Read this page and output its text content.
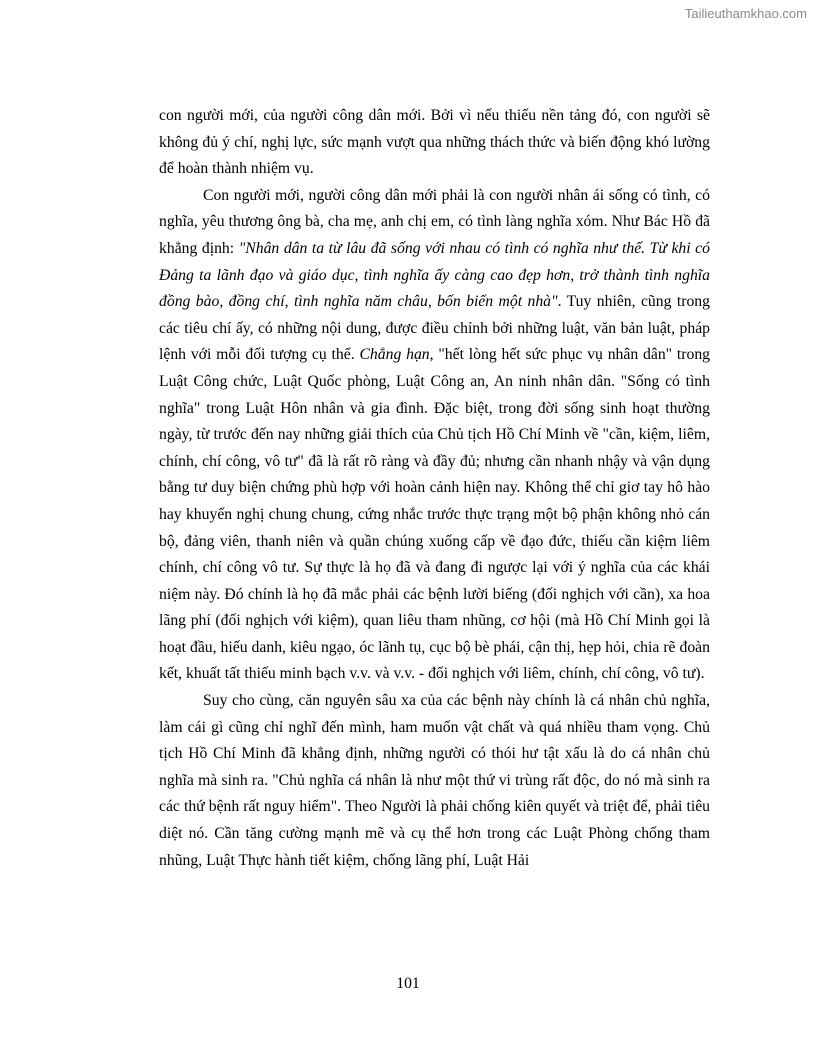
Tailieuthamkhao.com

con người mới, của người công dân mới. Bởi vì nếu thiếu nền tảng đó, con người sẽ không đủ ý chí, nghị lực, sức mạnh vượt qua những thách thức và biến động khó lường để hoàn thành nhiệm vụ.

Con người mới, người công dân mới phải là con người nhân ái sống có tình, có nghĩa, yêu thương ông bà, cha mẹ, anh chị em, có tình làng nghĩa xóm. Như Bác Hồ đã khẳng định: "Nhân dân ta từ lâu đã sống với nhau có tình có nghĩa như thế. Từ khi có Đảng ta lãnh đạo và giáo dục, tình nghĩa ấy càng cao đẹp hơn, trở thành tình nghĩa đồng bào, đồng chí, tình nghĩa năm châu, bốn biển một nhà". Tuy nhiên, cũng trong các tiêu chí ấy, có những nội dung, được điều chỉnh bởi những luật, văn bản luật, pháp lệnh với mỗi đối tượng cụ thể. Chẳng hạn, "hết lòng hết sức phục vụ nhân dân" trong Luật Công chức, Luật Quốc phòng, Luật Công an, An ninh nhân dân. "Sống có tình nghĩa" trong Luật Hôn nhân và gia đình. Đặc biệt, trong đời sống sinh hoạt thường ngày, từ trước đến nay những giải thích của Chủ tịch Hồ Chí Minh về "cần, kiệm, liêm, chính, chí công, vô tư" đã là rất rõ ràng và đầy đủ; nhưng cần nhanh nhậy và vận dụng bằng tư duy biện chứng phù hợp với hoàn cảnh hiện nay. Không thể chỉ giơ tay hô hào hay khuyến nghị chung chung, cứng nhắc trước thực trạng một bộ phận không nhỏ cán bộ, đảng viên, thanh niên và quần chúng xuống cấp về đạo đức, thiếu cần kiệm liêm chính, chí công vô tư. Sự thực là họ đã và đang đi ngược lại với ý nghĩa của các khái niệm này. Đó chính là họ đã mắc phải các bệnh lười biếng (đối nghịch với cần), xa hoa lãng phí (đối nghịch với kiệm), quan liêu tham nhũng, cơ hội (mà Hồ Chí Minh gọi là hoạt đầu, hiếu danh, kiêu ngạo, óc lãnh tụ, cục bộ bè phái, cận thị, hẹp hỏi, chia rẽ đoàn kết, khuất tất thiếu minh bạch v.v. và v.v. - đối nghịch với liêm, chính, chí công, vô tư).

Suy cho cùng, căn nguyên sâu xa của các bệnh này chính là cá nhân chủ nghĩa, làm cái gì cũng chỉ nghĩ đến mình, ham muốn vật chất và quá nhiều tham vọng. Chủ tịch Hồ Chí Minh đã khẳng định, những người có thói hư tật xấu là do cá nhân chủ nghĩa mà sinh ra. "Chủ nghĩa cá nhân là như một thứ vi trùng rất độc, do nó mà sinh ra các thứ bệnh rất nguy hiểm". Theo Người là phải chống kiên quyết và triệt để, phải tiêu diệt nó. Cần tăng cường mạnh mẽ và cụ thể hơn trong các Luật Phòng chống tham nhũng, Luật Thực hành tiết kiệm, chống lãng phí, Luật Hải

101
